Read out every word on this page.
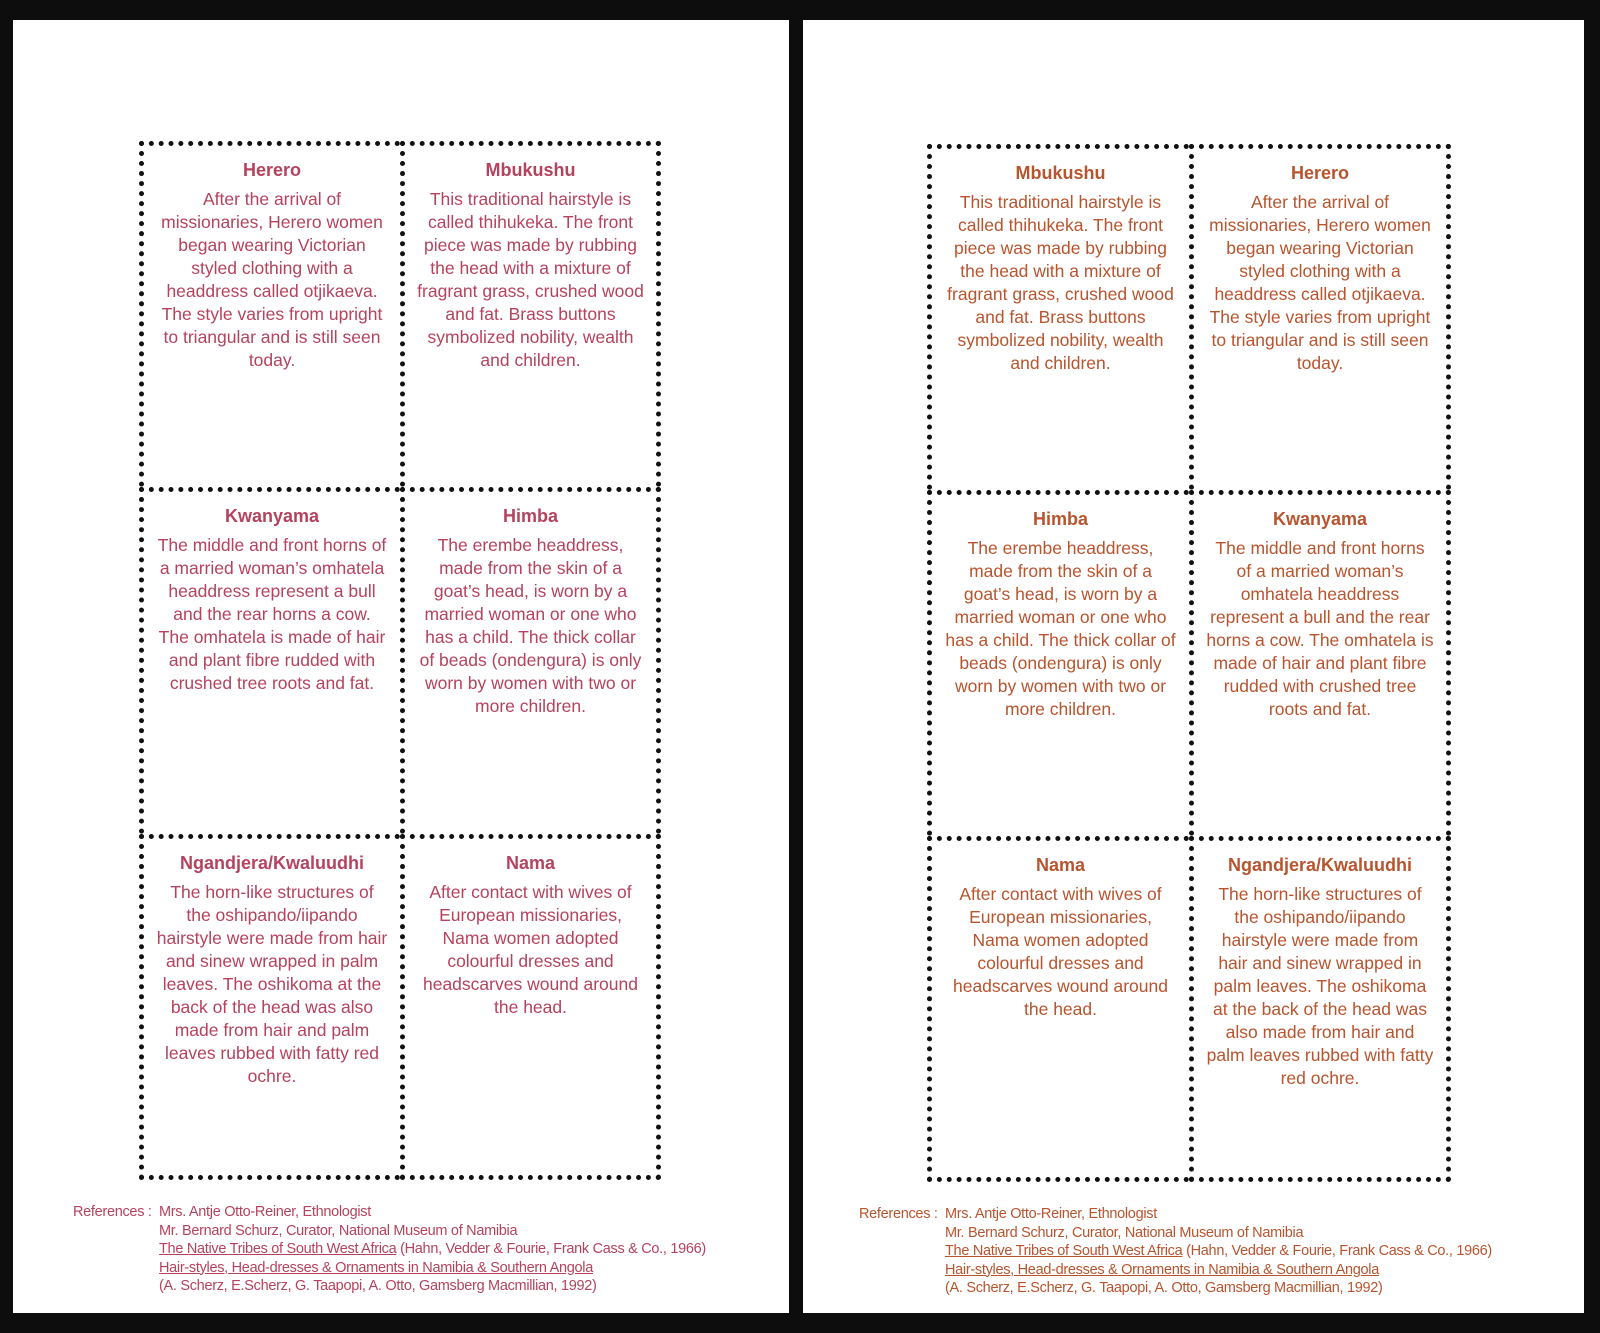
Herero
After the arrival of missionaries, Herero women began wearing Victorian styled clothing with a headdress called otjikaeva. The style varies from upright to triangular and is still seen today.
Mbukushu
This traditional hairstyle is called thihukeka. The front piece was made by rubbing the head with a mixture of fragrant grass, crushed wood and fat. Brass buttons symbolized nobility, wealth and children.
Kwanyama
The middle and front horns of a married woman’s omhatela headdress represent a bull and the rear horns a cow. The omhatela is made of hair and plant fibre rudded with crushed tree roots and fat.
Himba
The erembe headdress, made from the skin of a goat’s head, is worn by a married woman or one who has a child. The thick collar of beads (ondengura) is only worn by women with two or more children.
Ngandjera/Kwaluudhi
The horn-like structures of the oshipando/iipando hairstyle were made from hair and sinew wrapped in palm leaves. The oshikoma at the back of the head was also made from hair and palm leaves rubbed with fatty red ochre.
Nama
After contact with wives of European missionaries, Nama women adopted colourful dresses and headscarves wound around the head.
References : Mrs. Antje Otto-Reiner, Ethnologist
Mr. Bernard Schurz, Curator, National Museum of Namibia
The Native Tribes of South West Africa (Hahn, Vedder & Fourie, Frank Cass & Co., 1966)
Hair-styles, Head-dresses & Ornaments in Namibia & Southern Angola
(A. Scherz, E.Scherz, G. Taapopi, A. Otto, Gamsberg Macmillian, 1992)
Mbukushu
This traditional hairstyle is called thihukeka. The front piece was made by rubbing the head with a mixture of fragrant grass, crushed wood and fat. Brass buttons symbolized nobility, wealth and children.
Herero
After the arrival of missionaries, Herero women began wearing Victorian styled clothing with a headdress called otjikaeva. The style varies from upright to triangular and is still seen today.
Himba
The erembe headdress, made from the skin of a goat’s head, is worn by a married woman or one who has a child. The thick collar of beads (ondengura) is only worn by women with two or more children.
Kwanyama
The middle and front horns of a married woman’s omhatela headdress represent a bull and the rear horns a cow. The omhatela is made of hair and plant fibre rudded with crushed tree roots and fat.
Nama
After contact with wives of European missionaries, Nama women adopted colourful dresses and headscarves wound around the head.
Ngandjera/Kwaluudhi
The horn-like structures of the oshipando/iipando hairstyle were made from hair and sinew wrapped in palm leaves. The oshikoma at the back of the head was also made from hair and palm leaves rubbed with fatty red ochre.
References : Mrs. Antje Otto-Reiner, Ethnologist
Mr. Bernard Schurz, Curator, National Museum of Namibia
The Native Tribes of South West Africa (Hahn, Vedder & Fourie, Frank Cass & Co., 1966)
Hair-styles, Head-dresses & Ornaments in Namibia & Southern Angola
(A. Scherz, E.Scherz, G. Taapopi, A. Otto, Gamsberg Macmillian, 1992)
